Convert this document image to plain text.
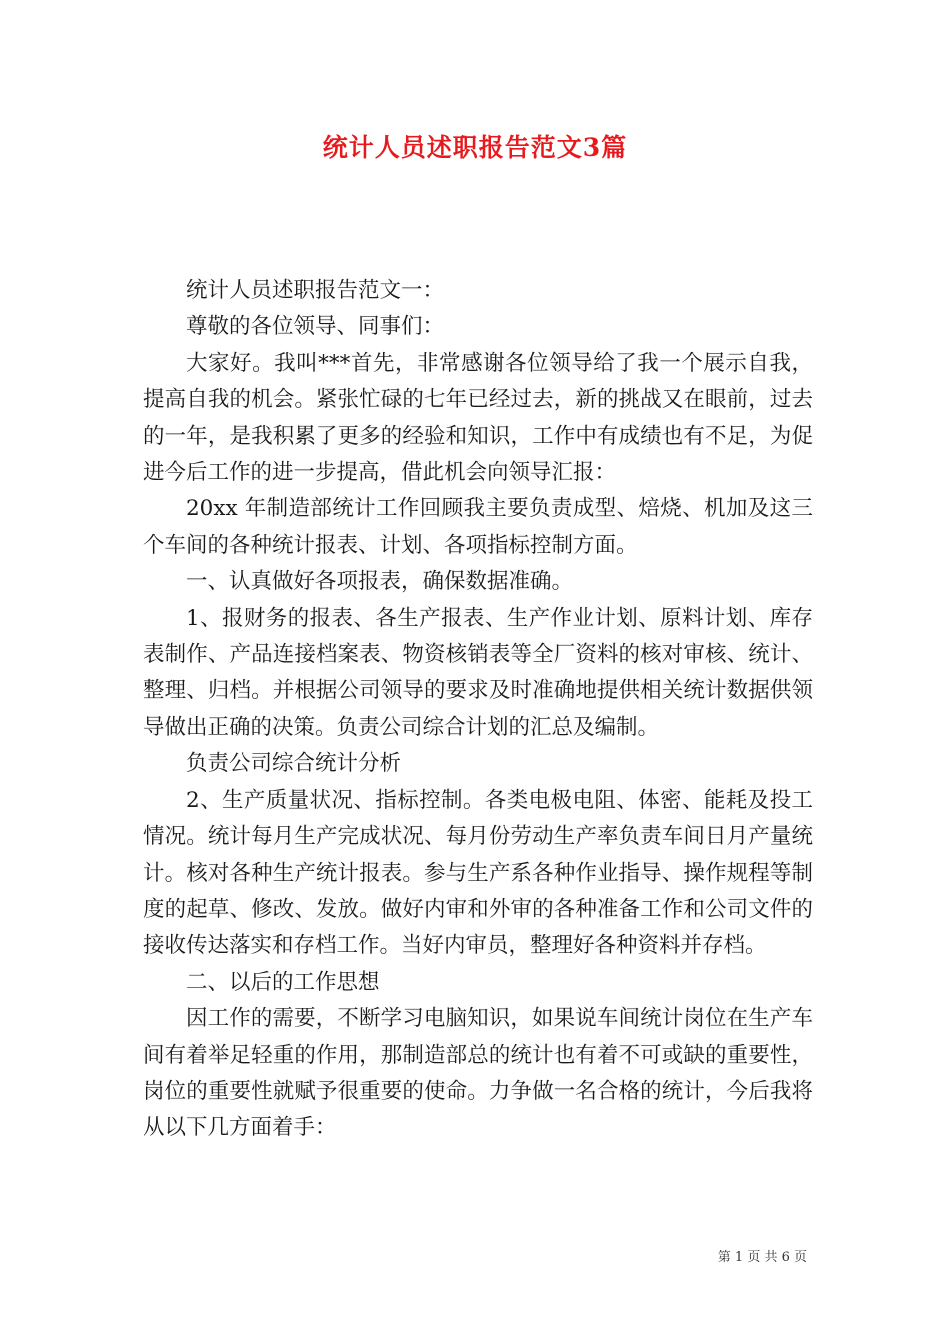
统计人员述职报告范文3篇

统计人员述职报告范文一：

尊敬的各位领导、同事们：

大家好。我叫***首先，非常感谢各位领导给了我一个展示自我，提高自我的机会。紧张忙碌的七年已经过去，新的挑战又在眼前，过去的一年，是我积累了更多的经验和知识，工作中有成绩也有不足，为促进今后工作的进一步提高，借此机会向领导汇报：

20xx 年制造部统计工作回顾我主要负责成型、焙烧、机加及这三个车间的各种统计报表、计划、各项指标控制方面。

一、认真做好各项报表，确保数据准确。

1、报财务的报表、各生产报表、生产作业计划、原料计划、库存表制作、产品连接档案表、物资核销表等全厂资料的核对审核、统计、整理、归档。并根据公司领导的要求及时准确地提供相关统计数据供领导做出正确的决策。负责公司综合计划的汇总及编制。

负责公司综合统计分析

2、生产质量状况、指标控制。各类电极电阻、体密、能耗及投工情况。统计每月生产完成状况、每月份劳动生产率负责车间日月产量统计。核对各种生产统计报表。参与生产系各种作业指导、操作规程等制度的起草、修改、发放。做好内审和外审的各种准备工作和公司文件的接收传达落实和存档工作。当好内审员，整理好各种资料并存档。

二、以后的工作思想

因工作的需要，不断学习电脑知识，如果说车间统计岗位在生产车间有着举足轻重的作用，那制造部总的统计也有着不可或缺的重要性，岗位的重要性就赋予很重要的使命。力争做一名合格的统计，今后我将从以下几方面着手：

第 1 页 共 6 页
